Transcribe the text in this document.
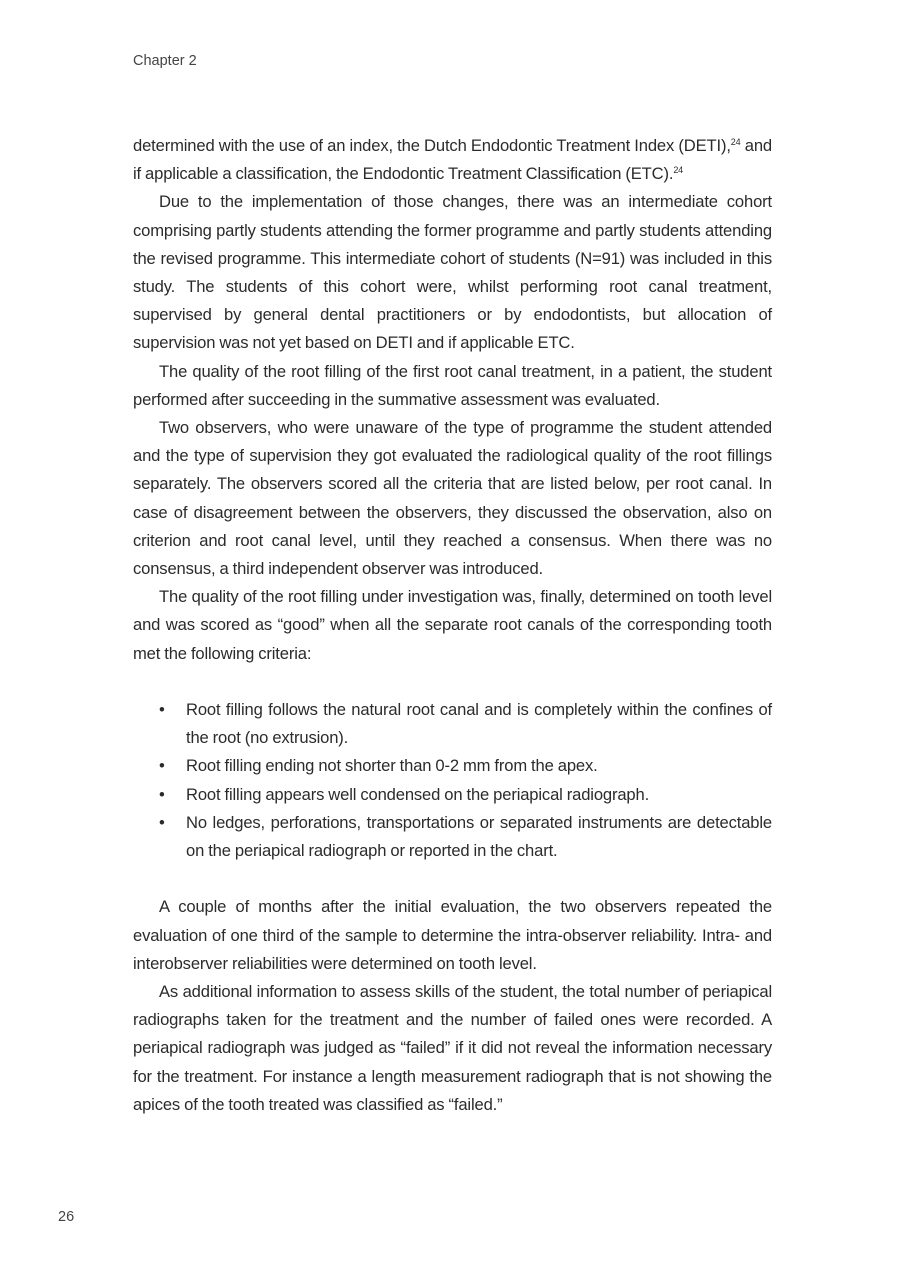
Chapter 2

determined with the use of an index, the Dutch Endodontic Treatment Index (DETI),$^{24}$ and if applicable a classification, the Endodontic Treatment Classification (ETC).$^{24}$

Due to the implementation of those changes, there was an intermediate cohort comprising partly students attending the former programme and partly students attending the revised programme. This intermediate cohort of students (N=91) was included in this study. The students of this cohort were, whilst performing root canal treatment, supervised by general dental practitioners or by endodontists, but allocation of supervision was not yet based on DETI and if applicable ETC.

The quality of the root filling of the first root canal treatment, in a patient, the student performed after succeeding in the summative assessment was evaluated.

Two observers, who were unaware of the type of programme the student attended and the type of supervision they got evaluated the radiological quality of the root fillings separately. The observers scored all the criteria that are listed below, per root canal. In case of disagreement between the observers, they discussed the observation, also on criterion and root canal level, until they reached a consensus. When there was no consensus, a third independent observer was introduced.

The quality of the root filling under investigation was, finally, determined on tooth level and was scored as “good” when all the separate root canals of the corresponding tooth met the following criteria:

• Root filling follows the natural root canal and is completely within the confines of the root (no extrusion).
• Root filling ending not shorter than 0-2 mm from the apex.
• Root filling appears well condensed on the periapical radiograph.
• No ledges, perforations, transportations or separated instruments are detectable on the periapical radiograph or reported in the chart.

A couple of months after the initial evaluation, the two observers repeated the evaluation of one third of the sample to determine the intra-observer reliability. Intra- and interobserver reliabilities were determined on tooth level.

As additional information to assess skills of the student, the total number of periapical radiographs taken for the treatment and the number of failed ones were recorded. A periapical radiograph was judged as “failed” if it did not reveal the information necessary for the treatment. For instance a length measurement radiograph that is not showing the apices of the tooth treated was classified as “failed.”

26
